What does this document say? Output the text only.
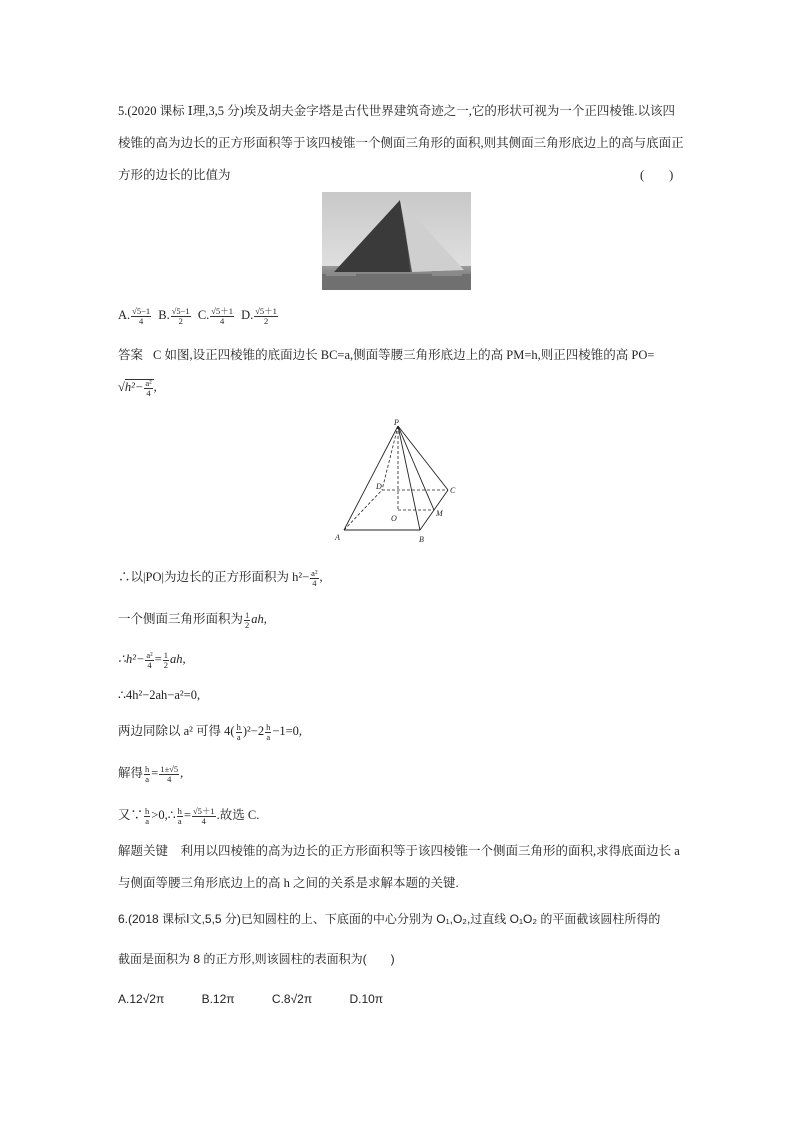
5.(2020 课标 Ⅰ理,3,5 分)埃及胡夫金字塔是古代世界建筑奇迹之一,它的形状可视为一个正四棱锥.以该四
棱锥的高为边长的正方形面积等于该四棱锥一个侧面三角形的面积,则其侧面三角形底边上的高与底面正
方形的边长的比值为	(　　)
A. $\frac{√5-1}{4} B$. $\frac{√5-1}{2} C$. $\frac{√5+1}{4} D$. $\frac{√5+1}{2}$
答案 C 如图,设正四棱锥的底面边长 BC=a,侧面等腰三角形底边上的高 PM=h,则正四棱锥的高 PO=
$√h^2- \frac{\text{a²}}{4}$ ,
P
D	C
O
M
A	B
∴以|PO|为边长的正方形面积为 $h^2- \frac{\text{a²}}{4}$ ,
一个侧面三角形面积为 $\frac{1}{2}$ ah,
∴h²− $\frac{\text{a²}}{4} = \frac{1}{2}$ ah,
∴4h²−2ah−a²=0,
两边同除以 a² 可得 $4( \frac{h}{a} )^2-2 \frac{h}{a} -1=0$,
解得 $\frac{h}{a} = \frac{1\pm√5}{4}$ ,
又∵ $\frac{h}{a}$ >0,∴ $\frac{h}{a} = \frac{√5+1}{4}$ .故选 C.
解题关键　利用以四棱锥的高为边长的正方形面积等于该四棱锥一个侧面三角形的面积,求得底面边长 a
与侧面等腰三角形底边上的高 h 之间的关系是求解本题的关键.
6.(2018 课标Ⅰ文,5,5 分)已知圆柱的上、下底面的中心分别为 O₁,O₂,过直线 O₁O₂ 的平面截该圆柱所得的
截面是面积为 8 的正方形,则该圆柱的表面积为(　　)
A.12√2π	B.12π	C.8√2π	D.10π
